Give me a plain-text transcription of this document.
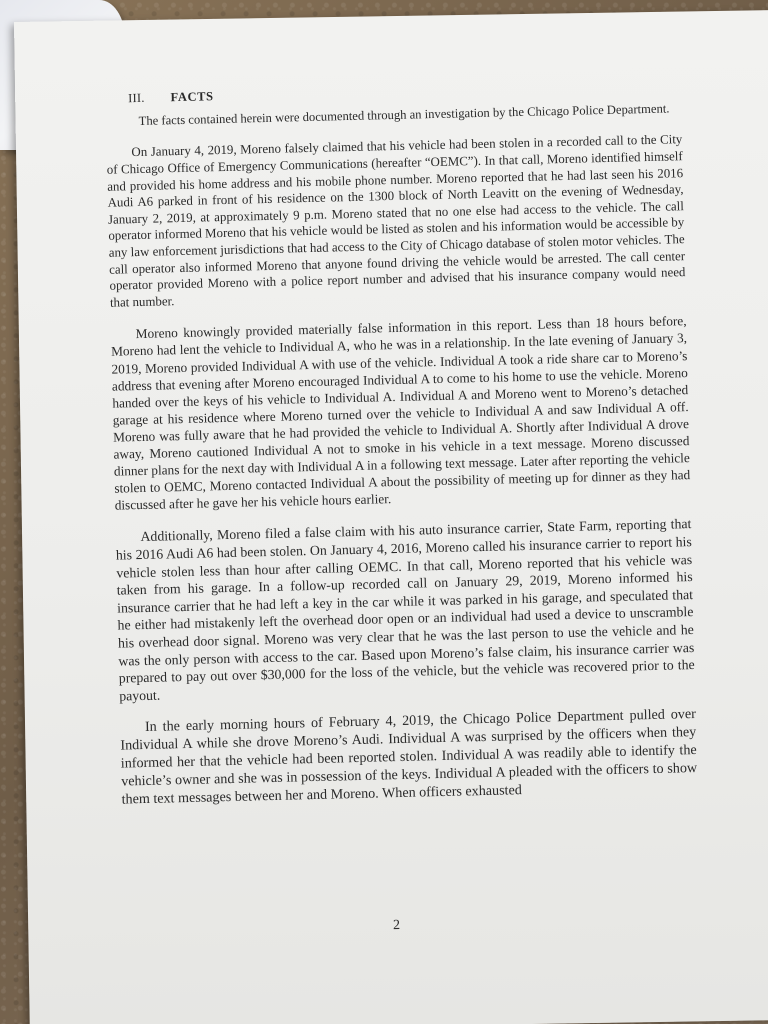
III. FACTS

The facts contained herein were documented through an investigation by the Chicago Police Department.

On January 4, 2019, Moreno falsely claimed that his vehicle had been stolen in a recorded call to the City of Chicago Office of Emergency Communications (hereafter “OEMC”). In that call, Moreno identified himself and provided his home address and his mobile phone number. Moreno reported that he had last seen his 2016 Audi A6 parked in front of his residence on the 1300 block of North Leavitt on the evening of Wednesday, January 2, 2019, at approximately 9 p.m. Moreno stated that no one else had access to the vehicle. The call operator informed Moreno that his vehicle would be listed as stolen and his information would be accessible by any law enforcement jurisdictions that had access to the City of Chicago database of stolen motor vehicles. The call operator also informed Moreno that anyone found driving the vehicle would be arrested. The call center operator provided Moreno with a police report number and advised that his insurance company would need that number.

Moreno knowingly provided materially false information in this report. Less than 18 hours before, Moreno had lent the vehicle to Individual A, who he was in a relationship. In the late evening of January 3, 2019, Moreno provided Individual A with use of the vehicle. Individual A took a ride share car to Moreno’s address that evening after Moreno encouraged Individual A to come to his home to use the vehicle. Moreno handed over the keys of his vehicle to Individual A. Individual A and Moreno went to Moreno’s detached garage at his residence where Moreno turned over the vehicle to Individual A and saw Individual A off. Moreno was fully aware that he had provided the vehicle to Individual A. Shortly after Individual A drove away, Moreno cautioned Individual A not to smoke in his vehicle in a text message. Moreno discussed dinner plans for the next day with Individual A in a following text message. Later after reporting the vehicle stolen to OEMC, Moreno contacted Individual A about the possibility of meeting up for dinner as they had discussed after he gave her his vehicle hours earlier.

Additionally, Moreno filed a false claim with his auto insurance carrier, State Farm, reporting that his 2016 Audi A6 had been stolen. On January 4, 2016, Moreno called his insurance carrier to report his vehicle stolen less than hour after calling OEMC. In that call, Moreno reported that his vehicle was taken from his garage. In a follow-up recorded call on January 29, 2019, Moreno informed his insurance carrier that he had left a key in the car while it was parked in his garage, and speculated that he either had mistakenly left the overhead door open or an individual had used a device to unscramble his overhead door signal. Moreno was very clear that he was the last person to use the vehicle and he was the only person with access to the car. Based upon Moreno’s false claim, his insurance carrier was prepared to pay out over $30,000 for the loss of the vehicle, but the vehicle was recovered prior to the payout.

In the early morning hours of February 4, 2019, the Chicago Police Department pulled over Individual A while she drove Moreno’s Audi. Individual A was surprised by the officers when they informed her that the vehicle had been reported stolen. Individual A was readily able to identify the vehicle’s owner and she was in possession of the keys. Individual A pleaded with the officers to show them text messages between her and Moreno. When officers exhausted

2
